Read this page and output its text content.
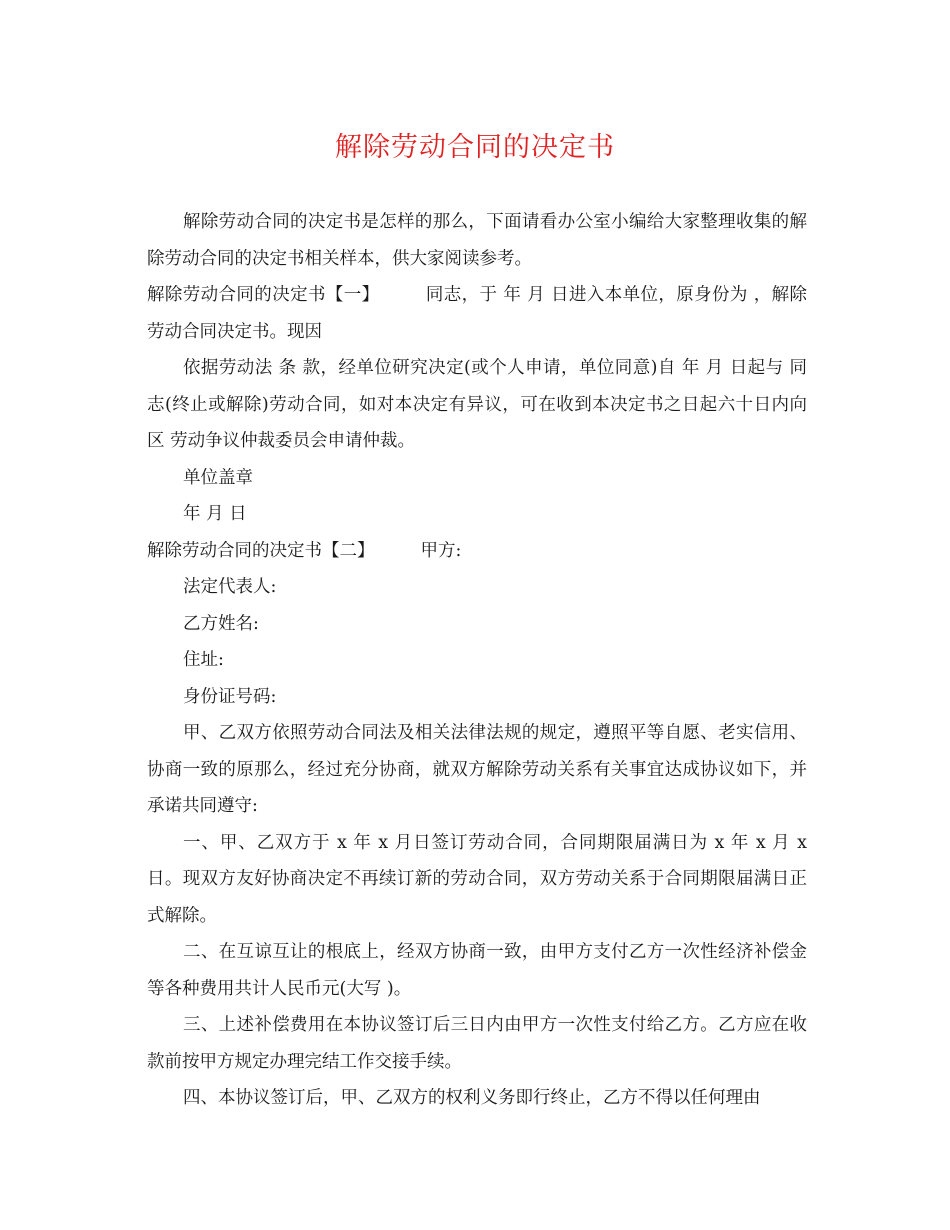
解除劳动合同的决定书

解除劳动合同的决定书是怎样的那么，下面请看办公室小编给大家整理收集的解除劳动合同的决定书相关样本，供大家阅读参考。

解除劳动合同的决定书【一】	同志，于 年 月 日进入本单位，原身份为 ，解除劳动合同决定书。现因

依据劳动法 条 款，经单位研究决定(或个人申请，单位同意)自 年 月 日起与 同志(终止或解除)劳动合同，如对本决定有异议，可在收到本决定书之日起六十日内向 区 劳动争议仲裁委员会申请仲裁。

单位盖章

年 月 日

解除劳动合同的决定书【二】	甲方:

法定代表人:

乙方姓名:

住址:

身份证号码:

甲、乙双方依照劳动合同法及相关法律法规的规定，遵照平等自愿、老实信用、协商一致的原那么，经过充分协商，就双方解除劳动关系有关事宜达成协议如下，并承诺共同遵守:

一、甲、乙双方于 x 年 x 月日签订劳动合同，合同期限届满日为 x 年 x 月 x 日。现双方友好协商决定不再续订新的劳动合同，双方劳动关系于合同期限届满日正式解除。

二、在互谅互让的根底上，经双方协商一致，由甲方支付乙方一次性经济补偿金等各种费用共计人民币元(大写 )。

三、上述补偿费用在本协议签订后三日内由甲方一次性支付给乙方。乙方应在收款前按甲方规定办理完结工作交接手续。

四、本协议签订后，甲、乙双方的权利义务即行终止，乙方不得以任何理由
